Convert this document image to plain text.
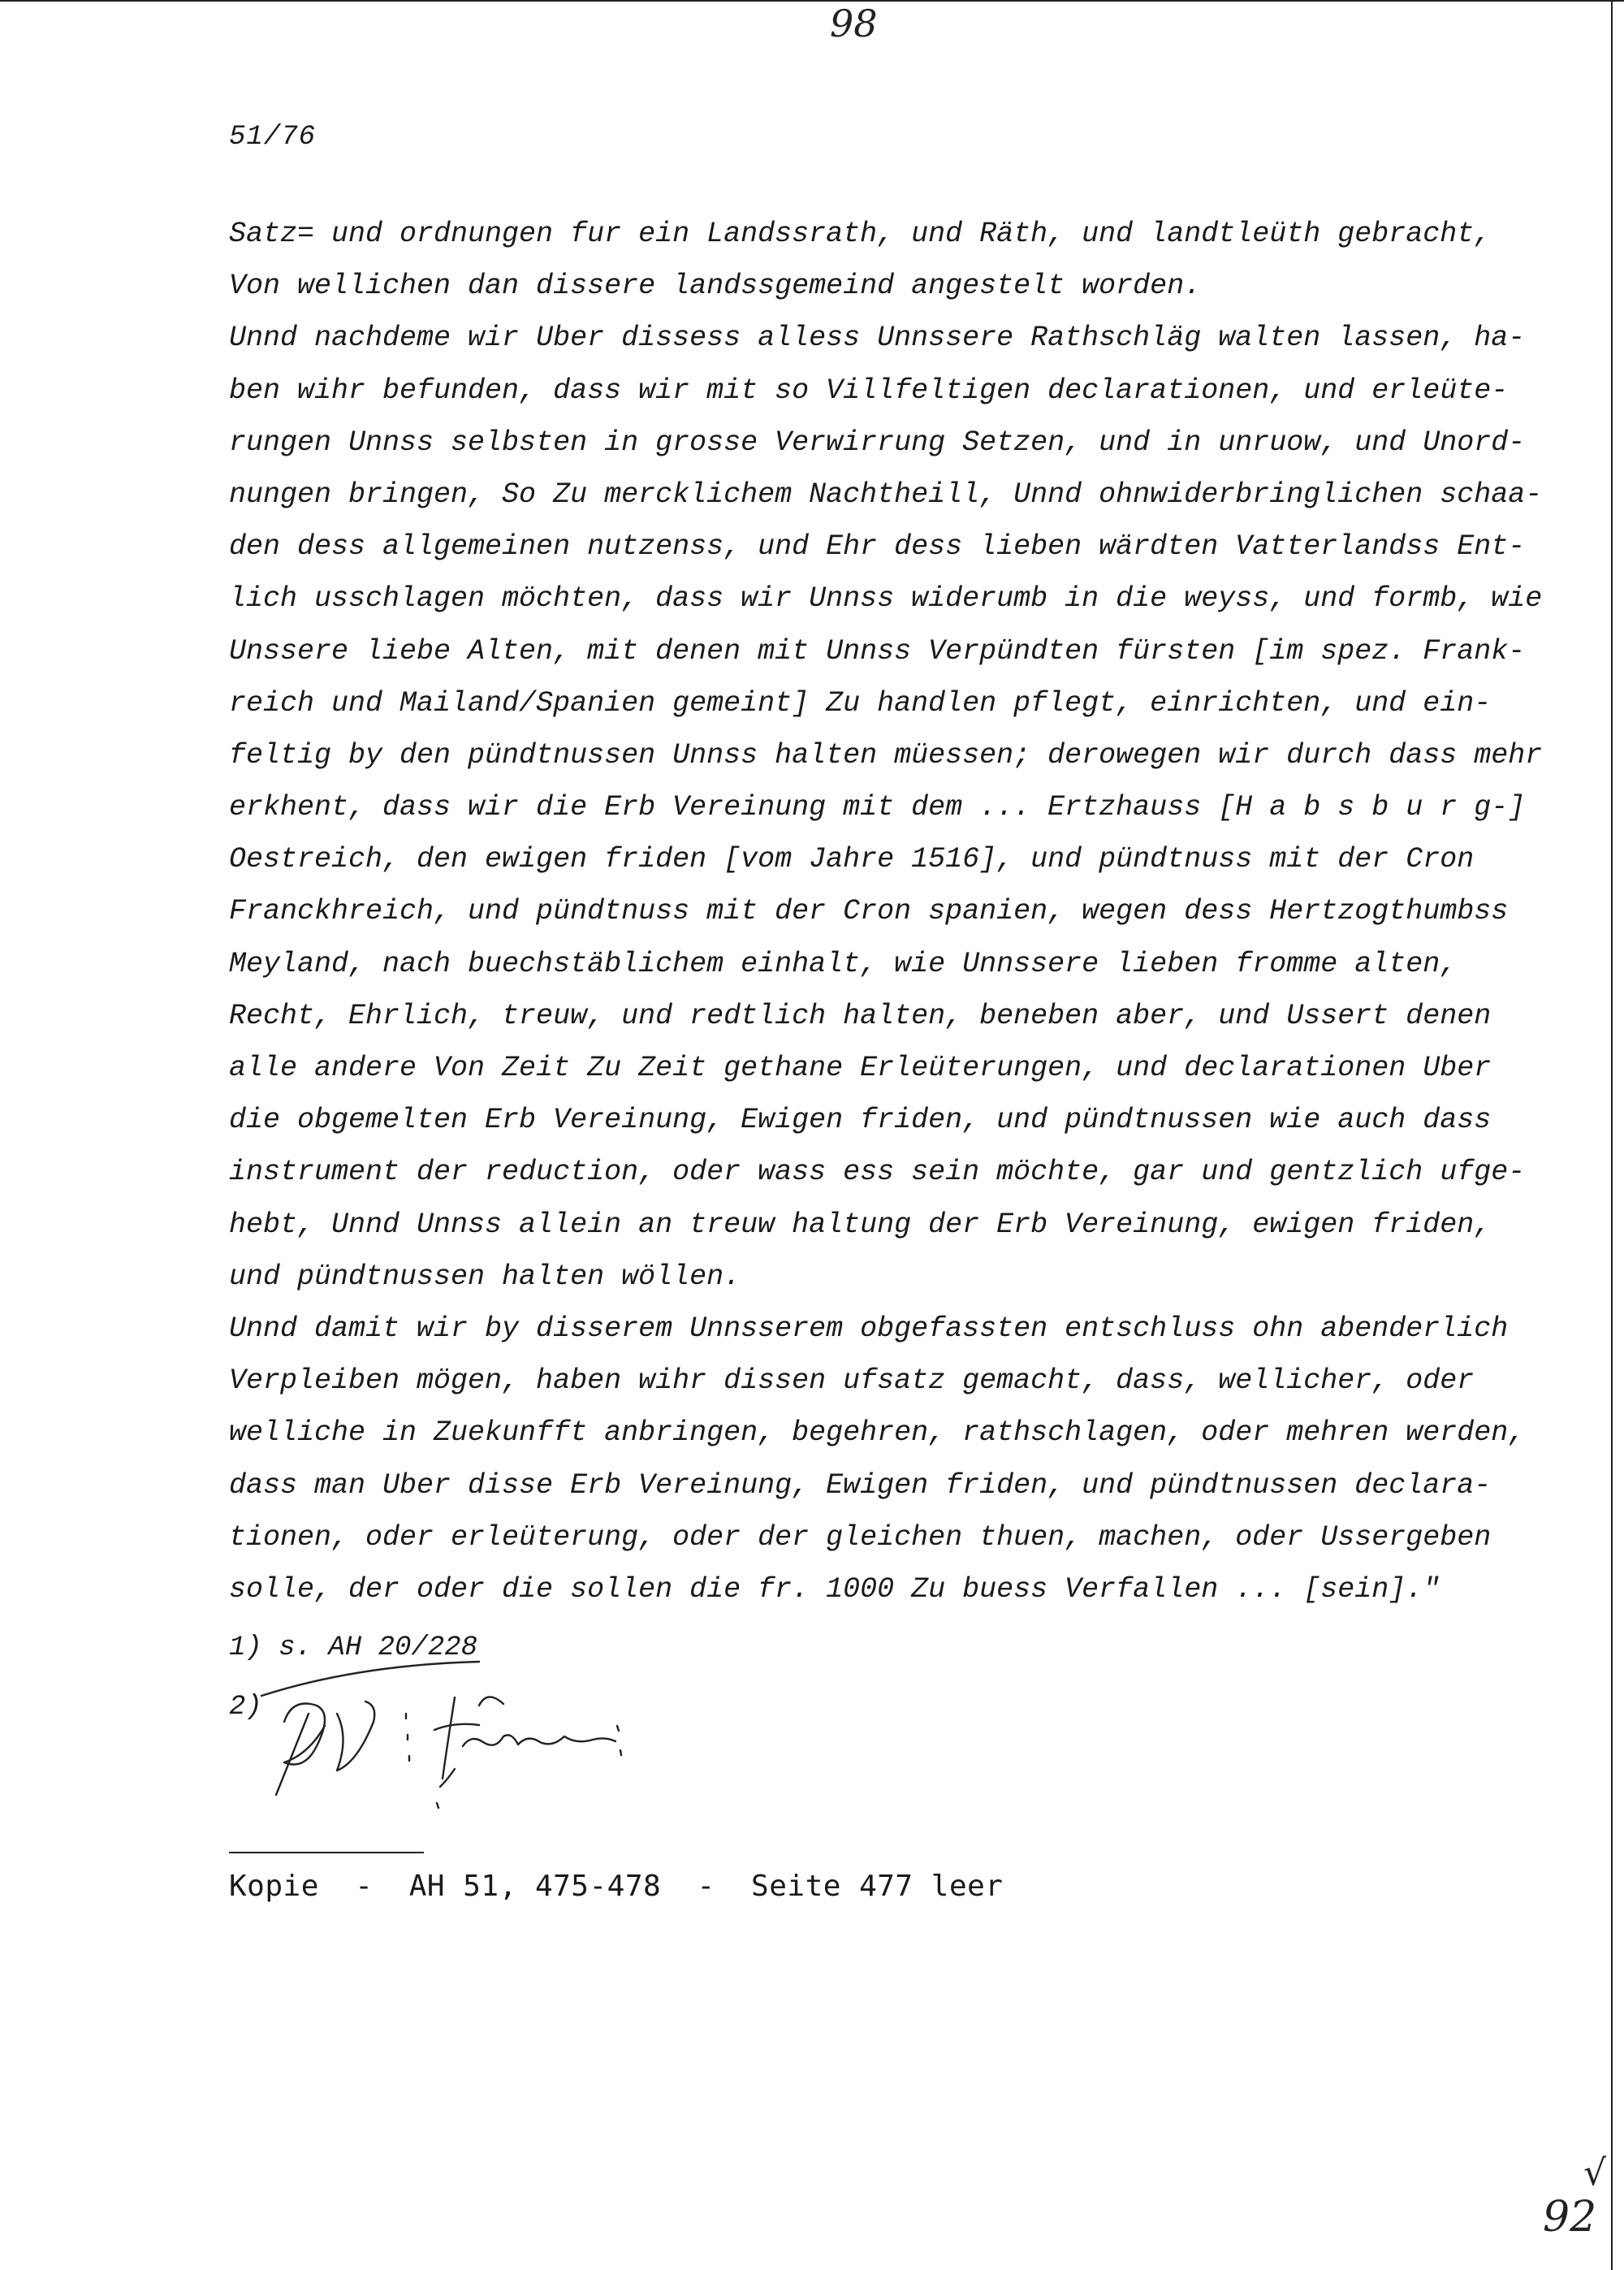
98
51/76
Satz= und ordnungen fur ein Landssrath, und Räth, und landtleüth gebracht,
Von wellichen dan dissere landssgemeind angestelt worden.
Unnd nachdeme wir Uber dissess alless Unnssere Rathschläg walten lassen, ha-
ben wihr befunden, dass wir mit so Villfeltigen declarationen, und erleüte-
rungen Unnss selbsten in grosse Verwirrung Setzen, und in unruow, und Unord-
nungen bringen, So Zu mercklichem Nachtheill, Unnd ohnwiderbringlichen schaa-
den dess allgemeinen nutzenss, und Ehr dess lieben wärdten Vatterlandss Ent-
lich usschlagen möchten, dass wir Unnss widerumb in die weyss, und formb, wie
Unssere liebe Alten, mit denen mit Unnss Verpündten fürsten [im spez. Frank-
reich und Mailand/Spanien gemeint] Zu handlen pflegt, einrichten, und ein-
feltig by den pündtnussen Unnss halten müessen; derowegen wir durch dass mehr
erkhent, dass wir die Erb Vereinung mit dem ... Ertzhauss [H a b s b u r g-]
Oestreich, den ewigen friden [vom Jahre 1516], und pündtnuss mit der Cron
Franckhreich, und pündtnuss mit der Cron spanien, wegen dess Hertzogthumbss
Meyland, nach buechstäblichem einhalt, wie Unnssere lieben fromme alten,
Recht, Ehrlich, treuw, und redtlich halten, beneben aber, und Ussert denen
alle andere Von Zeit Zu Zeit gethane Erleüterungen, und declarationen Uber
die obgemelten Erb Vereinung, Ewigen friden, und pündtnussen wie auch dass
instrument der reduction, oder wass ess sein möchte, gar und gentzlich ufge-
hebt, Unnd Unnss allein an treuw haltung der Erb Vereinung, ewigen friden,
und pündtnussen halten wöllen.
Unnd damit wir by disserem Unnsserem obgefassten entschluss ohn abenderlich
Verpleiben mögen, haben wihr dissen ufsatz gemacht, dass, wellicher, oder
welliche in Zuekunfft anbringen, begehren, rathschlagen, oder mehren werden,
dass man Uber disse Erb Vereinung, Ewigen friden, und pündtnussen declara-
tionen, oder erleüterung, oder der gleichen thuen, machen, oder Ussergeben
solle, der oder die sollen die fr. 1000 Zu buess Verfallen ... [sein]."
1) s. AH 20/228
2)
Kopie  -  AH 51, 475-478  -  Seite 477 leer
√
92
